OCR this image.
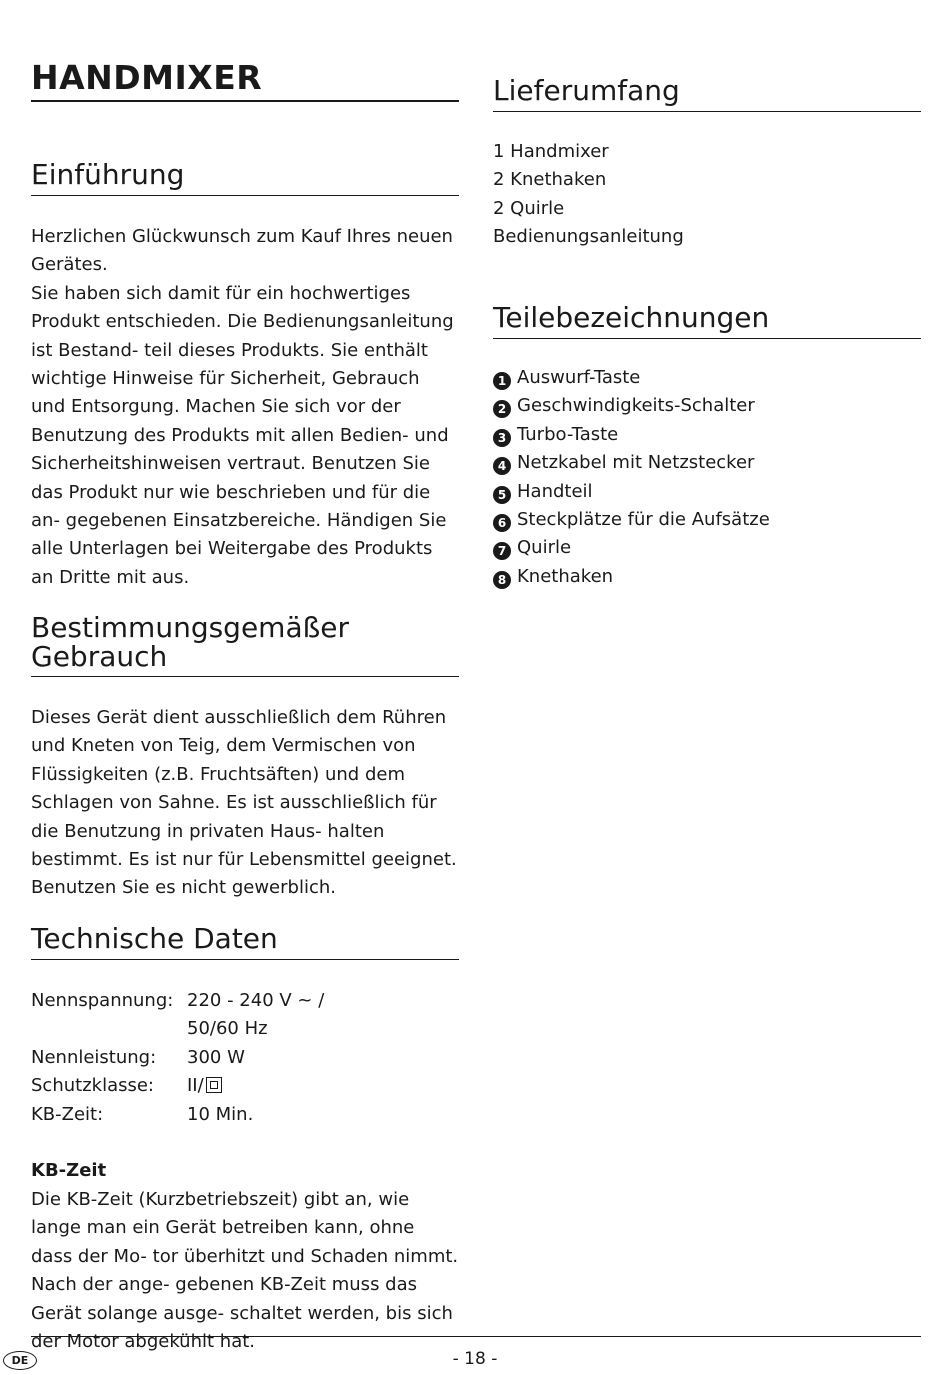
HANDMIXER
Einführung

Herzlichen Glückwunsch zum Kauf Ihres neuen Gerätes.
Sie haben sich damit für ein hochwertiges Produkt entschieden. Die Bedienungsanleitung ist Bestand- teil dieses Produkts. Sie enthält wichtige Hinweise für Sicherheit, Gebrauch und Entsorgung. Machen Sie sich vor der Benutzung des Produkts mit allen Bedien- und Sicherheitshinweisen vertraut. Benutzen Sie das Produkt nur wie beschrieben und für die an- gegebenen Einsatzbereiche. Händigen Sie alle Unterlagen bei Weitergabe des Produkts an Dritte mit aus.

Bestimmungsgemäßer
Gebrauch

Dieses Gerät dient ausschließlich dem Rühren und Kneten von Teig, dem Vermischen von Flüssigkeiten (z.B. Fruchtsäften) und dem Schlagen von Sahne. Es ist ausschließlich für die Benutzung in privaten Haus- halten bestimmt. Es ist nur für Lebensmittel geeignet. Benutzen Sie es nicht gewerblich.

Technische Daten
Nennspannung: 220 - 240 V ~ /
50/60 Hz
Nennleistung:	300 W
Schutzklasse:	II/
KB-Zeit:	10 Min.
KB-Zeit

Die KB-Zeit (Kurzbetriebszeit) gibt an, wie lange man ein Gerät betreiben kann, ohne dass der Mo- tor überhitzt und Schaden nimmt. Nach der ange- gebenen KB-Zeit muss das Gerät solange ausge- schaltet werden, bis sich der Motor abgekühlt hat.

Lieferumfang
1 Handmixer
2 Knethaken
2 Quirle
Bedienungsanleitung
Teilebezeichnungen
1 Auswurf-Taste
2 Geschwindigkeits-Schalter
3 Turbo-Taste
4 Netzkabel mit Netzstecker
5 Handteil
6 Steckplätze für die Aufsätze
7 Quirle
8 Knethaken
DE	- 18 -
